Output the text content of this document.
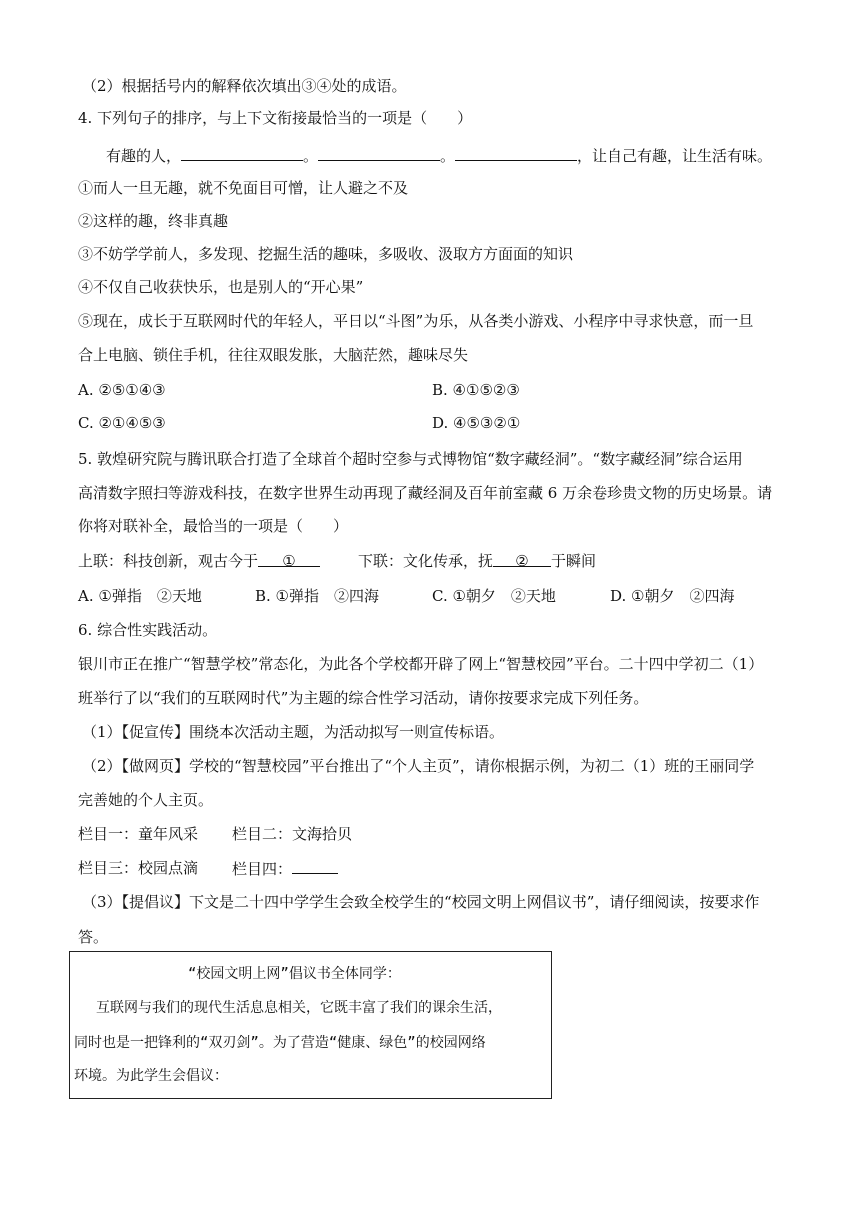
（2）根据括号内的解释依次填出③④处的成语。
4. 下列句子的排序，与上下文衔接最恰当的一项是（　　）
有趣的人，	。	。	，让自己有趣，让生活有味。
①而人一旦无趣，就不免面目可憎，让人避之不及
②这样的趣，终非真趣
③不妨学学前人，多发现、挖掘生活的趣味，多吸收、汲取方方面面的知识
④不仅自己收获快乐，也是别人的“开心果”
⑤现在，成长于互联网时代的年轻人，平日以“斗图”为乐，从各类小游戏、小程序中寻求快意，而一旦
合上电脑、锁住手机，往往双眼发胀，大脑茫然，趣味尽失
A. ②⑤①④③	B. ④①⑤②③
C. ②①④⑤③	D. ④⑤③②①
5. 敦煌研究院与腾讯联合打造了全球首个超时空参与式博物馆“数字藏经洞”。“数字藏经洞”综合运用
高清数字照扫等游戏科技，在数字世界生动再现了藏经洞及百年前室藏 6 万余卷珍贵文物的历史场景。请
你将对联补全，最恰当的一项是（　　）
上联：科技创新，观古今于 ①	下联：文化传承，抚 ② 于瞬间
A. ①弹指　②天地	B. ①弹指　②四海	C. ①朝夕　②天地	D. ①朝夕　②四海
6. 综合性实践活动。
银川市正在推广“智慧学校”常态化，为此各个学校都开辟了网上“智慧校园”平台。二十四中学初二（1）
班举行了以“我们的互联网时代”为主题的综合性学习活动，请你按要求完成下列任务。
（1）【促宣传】围绕本次活动主题，为活动拟写一则宣传标语。
（2）【做网页】学校的“智慧校园”平台推出了“个人主页”，请你根据示例，为初二（1）班的王丽同学
完善她的个人主页。
栏目一：童年风采 栏目二：文海拾贝
栏目三：校园点滴 栏目四：
（3）【提倡议】下文是二十四中学学生会致全校学生的“校园文明上网倡议书”，请仔细阅读，按要求作
答。
“校园文明上网”倡议书全体同学：
互联网与我们的现代生活息息相关，它既丰富了我们的课余生活，
同时也是一把锋利的“双刃剑”。为了营造“健康、绿色”的校园网络
环境。为此学生会倡议：
